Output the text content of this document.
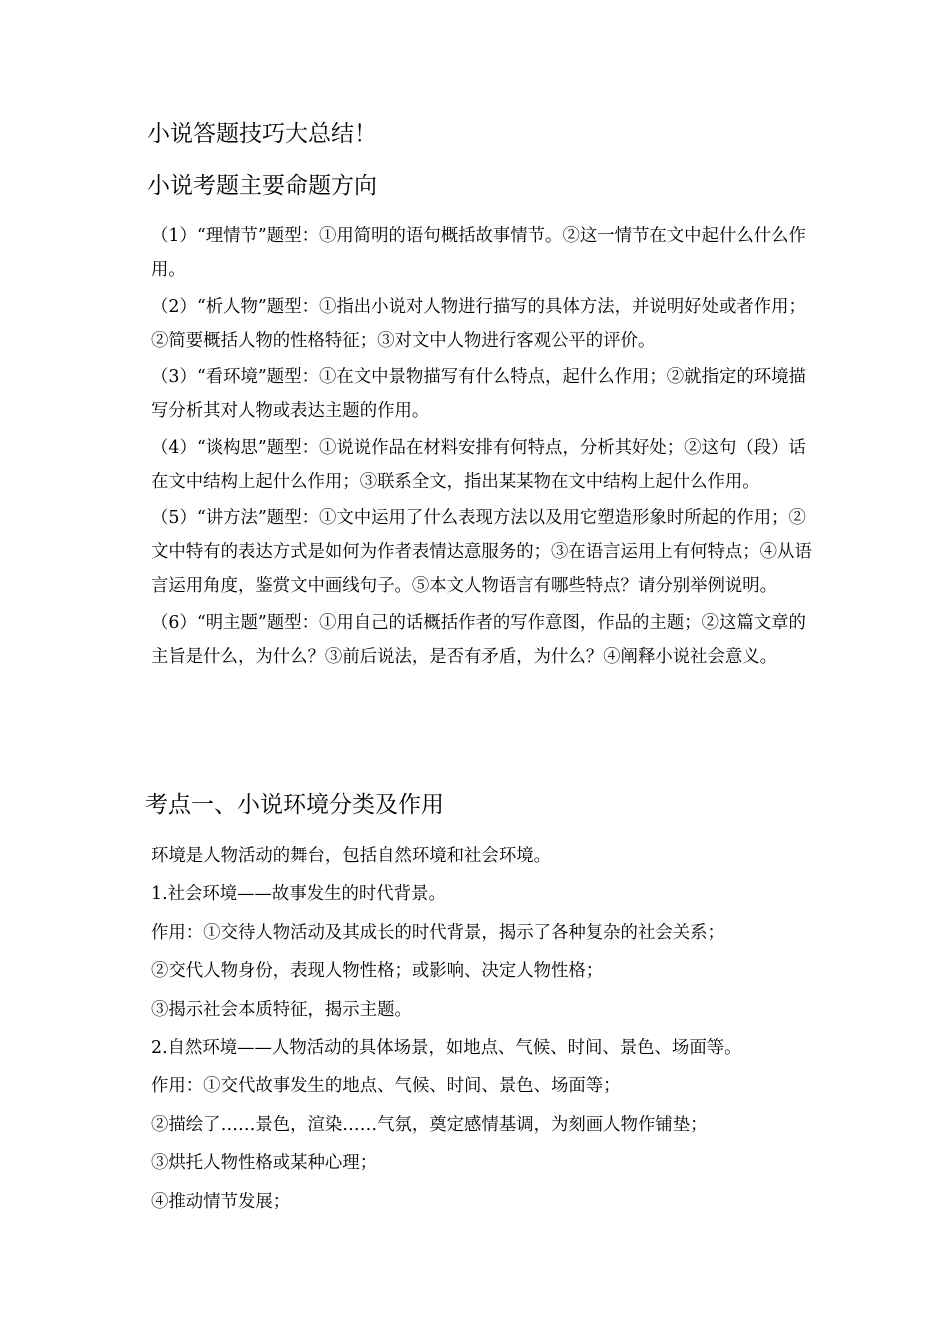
小说答题技巧大总结！
小说考题主要命题方向

（1）“理情节”题型：①用简明的语句概括故事情节。②这一情节在文中起什么什么作用。

（2）“析人物”题型：①指出小说对人物进行描写的具体方法，并说明好处或者作用；②简要概括人物的性格特征；③对文中人物进行客观公平的评价。

（3）“看环境”题型：①在文中景物描写有什么特点，起什么作用；②就指定的环境描写分析其对人物或表达主题的作用。

（4）“谈构思”题型：①说说作品在材料安排有何特点，分析其好处；②这句（段）话在文中结构上起什么作用；③联系全文，指出某某物在文中结构上起什么作用。

（5）“讲方法”题型：①文中运用了什么表现方法以及用它塑造形象时所起的作用；②文中特有的表达方式是如何为作者表情达意服务的；③在语言运用上有何特点；④从语言运用角度，鉴赏文中画线句子。⑤本文人物语言有哪些特点？请分别举例说明。

（6）“明主题”题型：①用自己的话概括作者的写作意图，作品的主题；②这篇文章的主旨是什么，为什么？③前后说法，是否有矛盾，为什么？④阐释小说社会意义。

考点一、小说环境分类及作用
环境是人物活动的舞台，包括自然环境和社会环境。
1.社会环境——故事发生的时代背景。
作用：①交待人物活动及其成长的时代背景，揭示了各种复杂的社会关系；
②交代人物身份，表现人物性格；或影响、决定人物性格；
③揭示社会本质特征，揭示主题。
2.自然环境——人物活动的具体场景，如地点、气候、时间、景色、场面等。
作用：①交代故事发生的地点、气候、时间、景色、场面等；
②描绘了……景色，渲染……气氛，奠定感情基调，为刻画人物作铺垫；
③烘托人物性格或某种心理；
④推动情节发展；
